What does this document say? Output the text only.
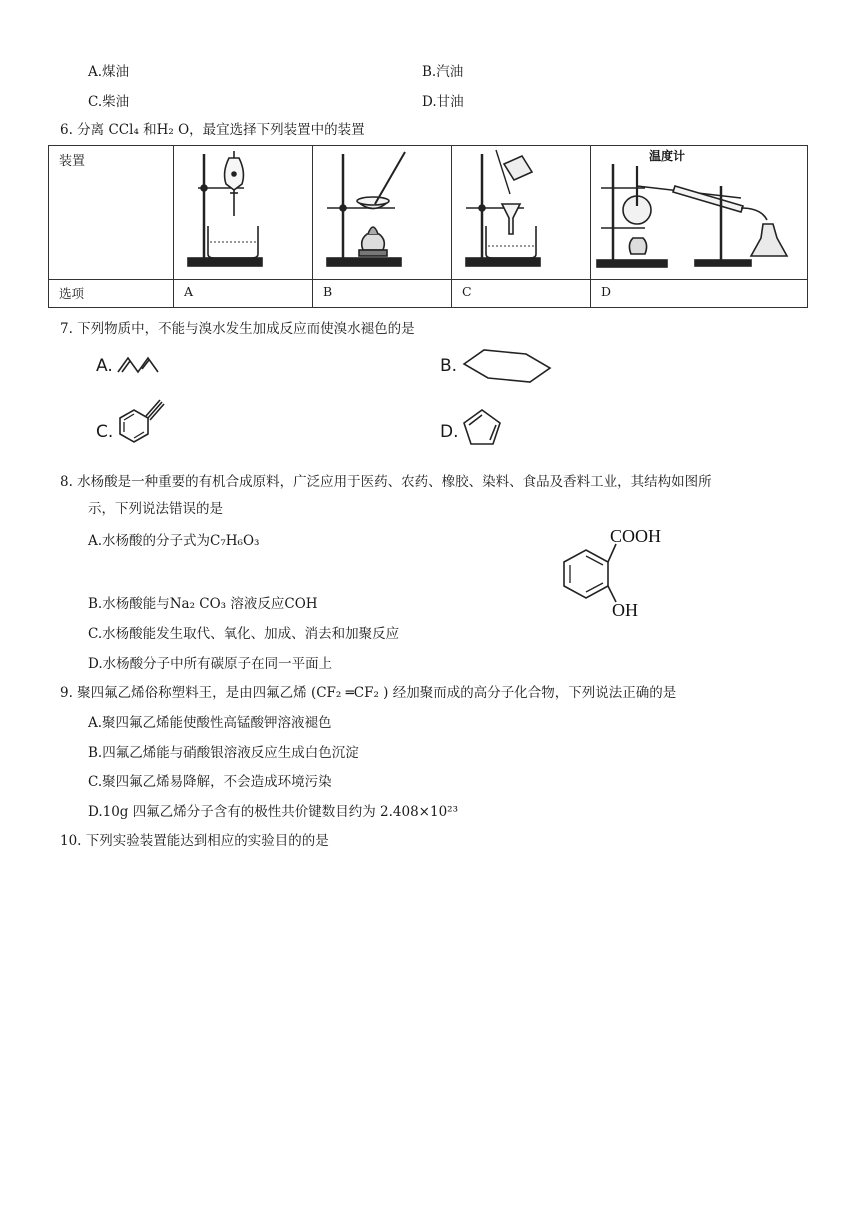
A.煤油	B.汽油
C.柴油	D.甘油
6. 分离 CCl₄ 和H₂ O，最宜选择下列装置中的装置
装置				温度计

选项	A	B	C	D
7. 下列物质中，不能与溴水发生加成反应而使溴水褪色的是
A.	B.
C.	D.
8. 水杨酸是一种重要的有机合成原料，广泛应用于医药、农药、橡胶、染料、食品及香料工业，其结构如图所
示，下列说法错误的是
A.水杨酸的分子式为C₇H₆O₃	COOH
OH
B.水杨酸能与Na₂ CO₃ 溶液反应COH
C.水杨酸能发生取代、氧化、加成、消去和加聚反应
D.水杨酸分子中所有碳原子在同一平面上
9. 聚四氟乙烯俗称塑料王，是由四氟乙烯 (CF₂ ═CF₂ ) 经加聚而成的高分子化合物，下列说法正确的是
A.聚四氟乙烯能使酸性高锰酸钾溶液褪色
B.四氟乙烯能与硝酸银溶液反应生成白色沉淀
C.聚四氟乙烯易降解，不会造成环境污染
D.10g 四氟乙烯分子含有的极性共价键数目约为 2.408×10²³
10. 下列实验装置能达到相应的实验目的的是
